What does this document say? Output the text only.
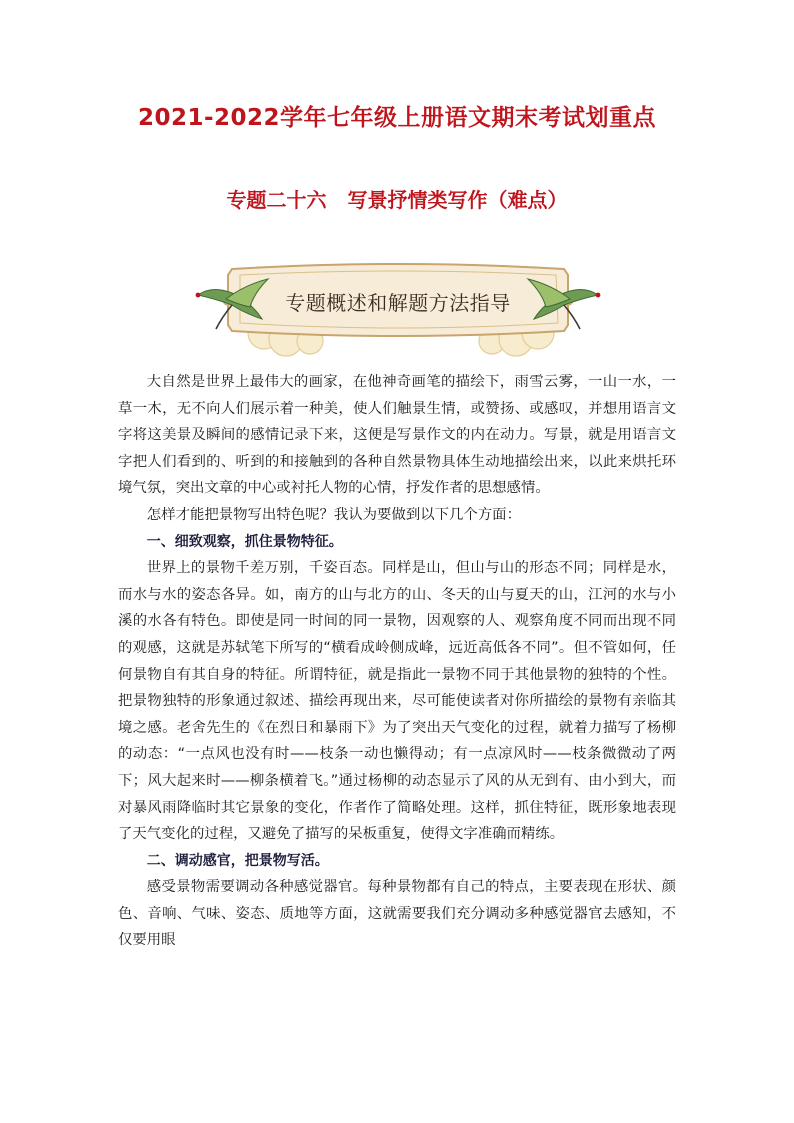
2021-2022学年七年级上册语文期末考试划重点
专题二十六 写景抒情类写作（难点）
专题概述和解题方法指导

大自然是世界上最伟大的画家，在他神奇画笔的描绘下，雨雪云雾，一山一水，一草一木，无不向人们展示着一种美，使人们触景生情，或赞扬、或感叹，并想用语言文字将这美景及瞬间的感情记录下来，这便是写景作文的内在动力。写景，就是用语言文字把人们看到的、听到的和接触到的各种自然景物具体生动地描绘出来，以此来烘托环境气氛，突出文章的中心或衬托人物的心情，抒发作者的思想感情。

怎样才能把景物写出特色呢？我认为要做到以下几个方面：

一、细致观察，抓住景物特征。

世界上的景物千差万别，千姿百态。同样是山，但山与山的形态不同；同样是水，而水与水的姿态各异。如，南方的山与北方的山、冬天的山与夏天的山，江河的水与小溪的水各有特色。即使是同一时间的同一景物，因观察的人、观察角度不同而出现不同的观感，这就是苏轼笔下所写的“横看成岭侧成峰，远近高低各不同”。但不管如何，任何景物自有其自身的特征。所谓特征，就是指此一景物不同于其他景物的独特的个性。把景物独特的形象通过叙述、描绘再现出来，尽可能使读者对你所描绘的景物有亲临其境之感。老舍先生的《在烈日和暴雨下》为了突出天气变化的过程，就着力描写了杨柳的动态：“一点风也没有时——枝条一动也懒得动；有一点凉风时——枝条微微动了两下；风大起来时——柳条横着飞。”通过杨柳的动态显示了风的从无到有、由小到大，而对暴风雨降临时其它景象的变化，作者作了简略处理。这样，抓住特征，既形象地表现了天气变化的过程，又避免了描写的呆板重复，使得文字准确而精练。

二、调动感官，把景物写活。

感受景物需要调动各种感觉器官。每种景物都有自己的特点，主要表现在形状、颜色、音响、气味、姿态、质地等方面，这就需要我们充分调动多种感觉器官去感知，不仅要用眼
